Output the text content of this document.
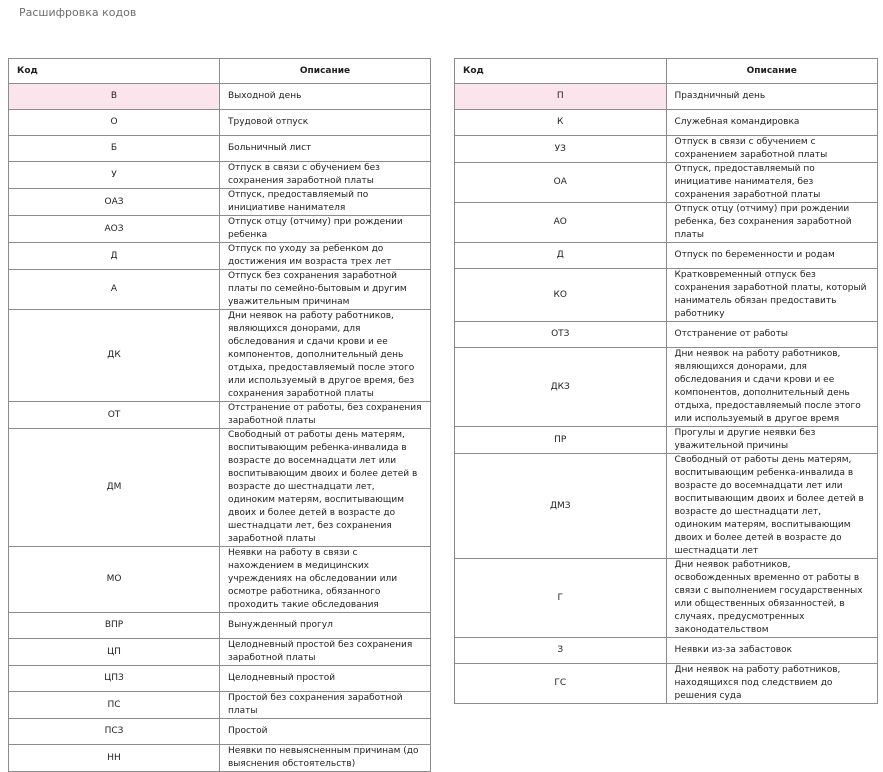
Расшифровка кодов
Код	Описание
В	Выходной день
О	Трудовой отпуск
Б	Больничный лист
У	Отпуск в связи с обучением без сохранения заработной платы
ОАЗ	Отпуск, предоставляемый по инициативе нанимателя
АОЗ	Отпуск отцу (отчиму) при рождении ребенка
Д	Отпуск по уходу за ребенком до достижения им возраста трех лет
А	Отпуск без сохранения заработной платы по семейно-бытовым и другим уважительным причинам
ДК	Дни неявок на работу работников, являющихся донорами, для обследования и сдачи крови и ее компонентов, дополнительный день отдыха, предоставляемый после этого или используемый в другое время, без сохранения заработной платы
ОТ	Отстранение от работы, без сохранения заработной платы
ДМ	Свободный от работы день матерям, воспитывающим ребенка-инвалида в возрасте до восемнадцати лет или воспитывающим двоих и более детей в возрасте до шестнадцати лет, одиноким матерям, воспитывающим двоих и более детей в возрасте до шестнадцати лет, без сохранения заработной платы
МО	Неявки на работу в связи с нахождением в медицинских учреждениях на обследовании или осмотре работника, обязанного проходить такие обследования
ВПР	Вынужденный прогул
ЦП	Целодневный простой без сохранения заработной платы
ЦПЗ	Целодневный простой
ПС	Простой без сохранения заработной платы
ПСЗ	Простой
НН	Неявки по невыясненным причинам (до выяснения обстоятельств)
Код	Описание
П	Праздничный день
К	Служебная командировка
УЗ	Отпуск в связи с обучением с сохранением заработной платы
ОА	Отпуск, предоставляемый по инициативе нанимателя, без сохранения заработной платы
АО	Отпуск отцу (отчиму) при рождении ребенка, без сохранения заработной платы
Д	Отпуск по беременности и родам
КО	Кратковременный отпуск без сохранения заработной платы, который наниматель обязан предоставить работнику
ОТЗ	Отстранение от работы
ДКЗ	Дни неявок на работу работников, являющихся донорами, для обследования и сдачи крови и ее компонентов, дополнительный день отдыха, предоставляемый после этого или используемый в другое время
ПР	Прогулы и другие неявки без уважительной причины
ДМЗ	Свободный от работы день матерям, воспитывающим ребенка-инвалида в возрасте до восемнадцати лет или воспитывающим двоих и более детей в возрасте до шестнадцати лет, одиноким матерям, воспитывающим двоих и более детей в возрасте до шестнадцати лет
Г	Дни неявок работников, освобожденных временно от работы в связи с выполнением государственных или общественных обязанностей, в случаях, предусмотренных законодательством
З	Неявки из-за забастовок
ГС	Дни неявок на работу работников, находящихся под следствием до решения суда
